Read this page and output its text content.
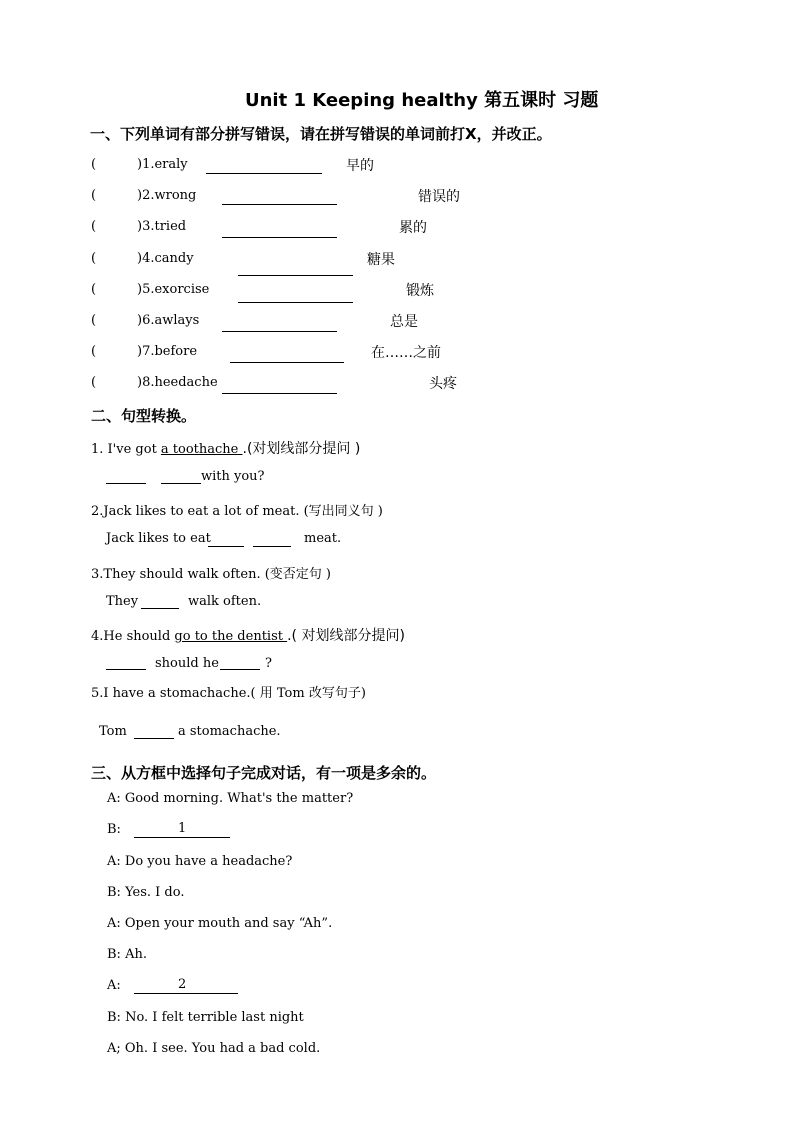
Unit 1 Keeping healthy 第五课时 习题
一、下列单词有部分拼写错误，请在拼写错误的单词前打X，并改正。
(	)1.eraly	早的
(	)2.wrong	错误的
(	)3.tried	累的
(	)4.candy	糖果
(	)5.exorcise	锻炼
(	)6.awlays	总是
(	)7.before	在……之前
(	)8.heedache	头疼
二、句型转换。
1. I've got a toothache .(对划线部分提问 )
with you?
2.Jack likes to eat a lot of meat. (写出同义句 )
Jack likes to eat	meat.
3.They should walk often. (变否定句 )
They	walk often.
4.He should go to the dentist .( 对划线部分提问)
should he	?
5.I have a stomachache.( 用 Tom 改写句子)
Tom	a stomachache.
三、从方框中选择句子完成对话，有一项是多余的。
A: Good morning. What's the matter?
B:	1
A: Do you have a headache?
B: Yes. I do.
A: Open your mouth and say “Ah”.
B: Ah.
A:	2
B: No. I felt terrible last night
A; Oh. I see. You had a bad cold.
